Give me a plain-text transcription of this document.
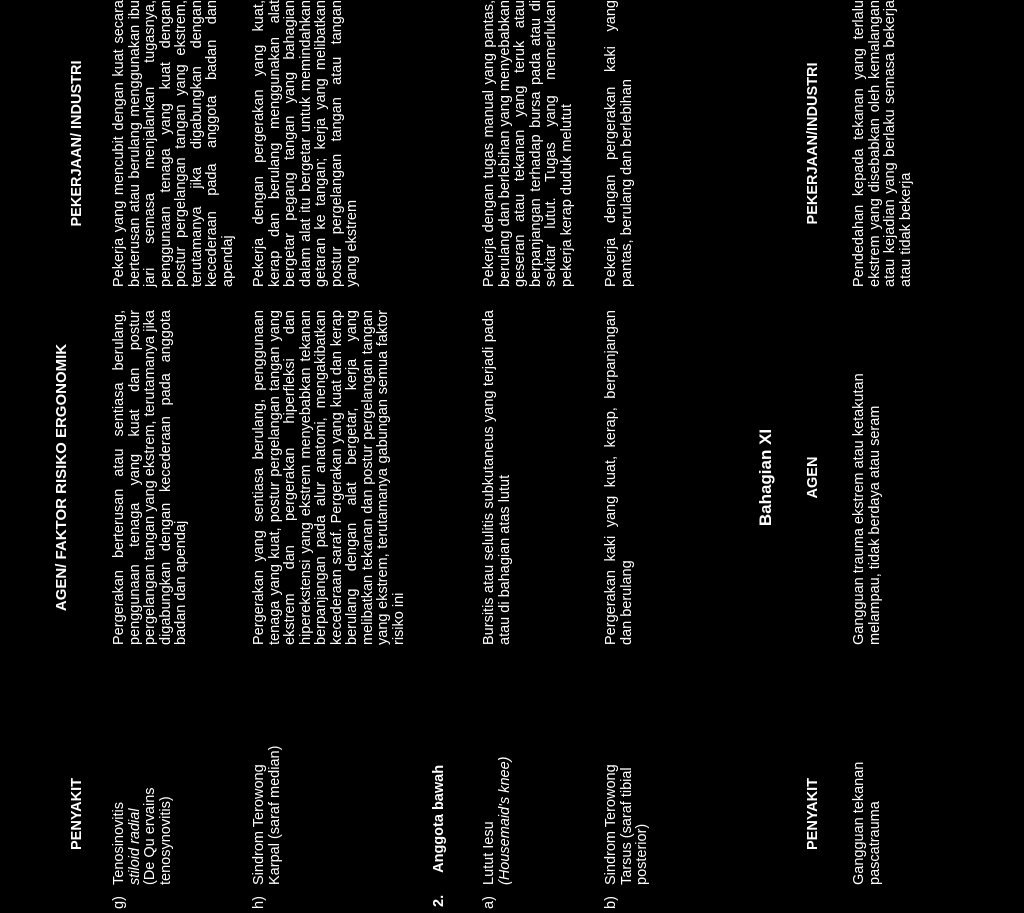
PENYAKIT
AGEN/ FAKTOR RISIKO ERGONOMIK
PEKERJAAN/ INDUSTRI
g)
Tenosinovitis stiloid radial (De Qu ervains tenosynovitis)
Pergerakan berterusan atau sentiasa berulang, penggunaan tenaga yang kuat dan postur pergelangan tangan yang ekstrem, terutamanya jika digabungkan dengan kecederaan pada anggota badan dan apendaj
Pekerja yang mencubit dengan kuat secara berterusan atau berulang menggunakan ibu jari semasa menjalankan tugasnya, penggunaan tenaga yang kuat dengan postur pergelangan tangan yang ekstrem, terutamanya jika digabungkan dengan kecederaan pada anggota badan dan apendaj
h)
Sindrom Terowong Karpal (saraf median)
Pergerakan yang sentiasa berulang, penggunaan tenaga yang kuat, postur pergelangan tangan yang ekstrem dan pergerakan hiperfleksi dan hiperekstensi yang ekstrem menyebabkan tekanan berpanjangan pada alur anatomi, mengakibatkan kecederaan saraf. Pergerakan yang kuat dan kerap berulang dengan alat bergetar, kerja yang melibatkan tekanan dan postur pergelangan tangan yang ekstrem, terutamanya gabungan semua faktor risiko ini
Pekerja dengan pergerakan yang kuat, kerap dan berulang menggunakan alat bergetar pegang tangan yang bahagian dalam alat itu bergetar untuk memindahkan getaran ke tangan; kerja yang melibatkan postur pergelangan tangan atau tangan yang ekstrem
2. Anggota bawah
a)
Lutut Iesu (Housemaid's knee)
Bursitis atau selulitis subkutaneus yang terjadi pada atau di bahagian atas lutut
Pekerja dengan tugas manual yang pantas, berulang dan berlebihan yang menyebabkan geseran atau tekanan yang teruk atau berpanjangan terhadap bursa pada atau di sekitar lutut. Tugas yang memerlukan pekerja kerap duduk melutut
b)
Sindrom Terowong Tarsus (saraf tibial posterior)
Pergerakan kaki yang kuat, kerap, berpanjangan dan berulang
Pekerja dengan pergerakan kaki yang pantas, berulang dan berlebihan
Bahagian XI
PENYAKIT
AGEN
PEKERJAAN/INDUSTRI
Gangguan tekanan pascatrauma
Gangguan trauma ekstrem atau ketakutan melampau, tidak berdaya atau seram
Pendedahan kepada tekanan yang terlalu ekstrem yang disebabkan oleh kemalangan atau kejadian yang berlaku semasa bekerja atau tidak bekerja
